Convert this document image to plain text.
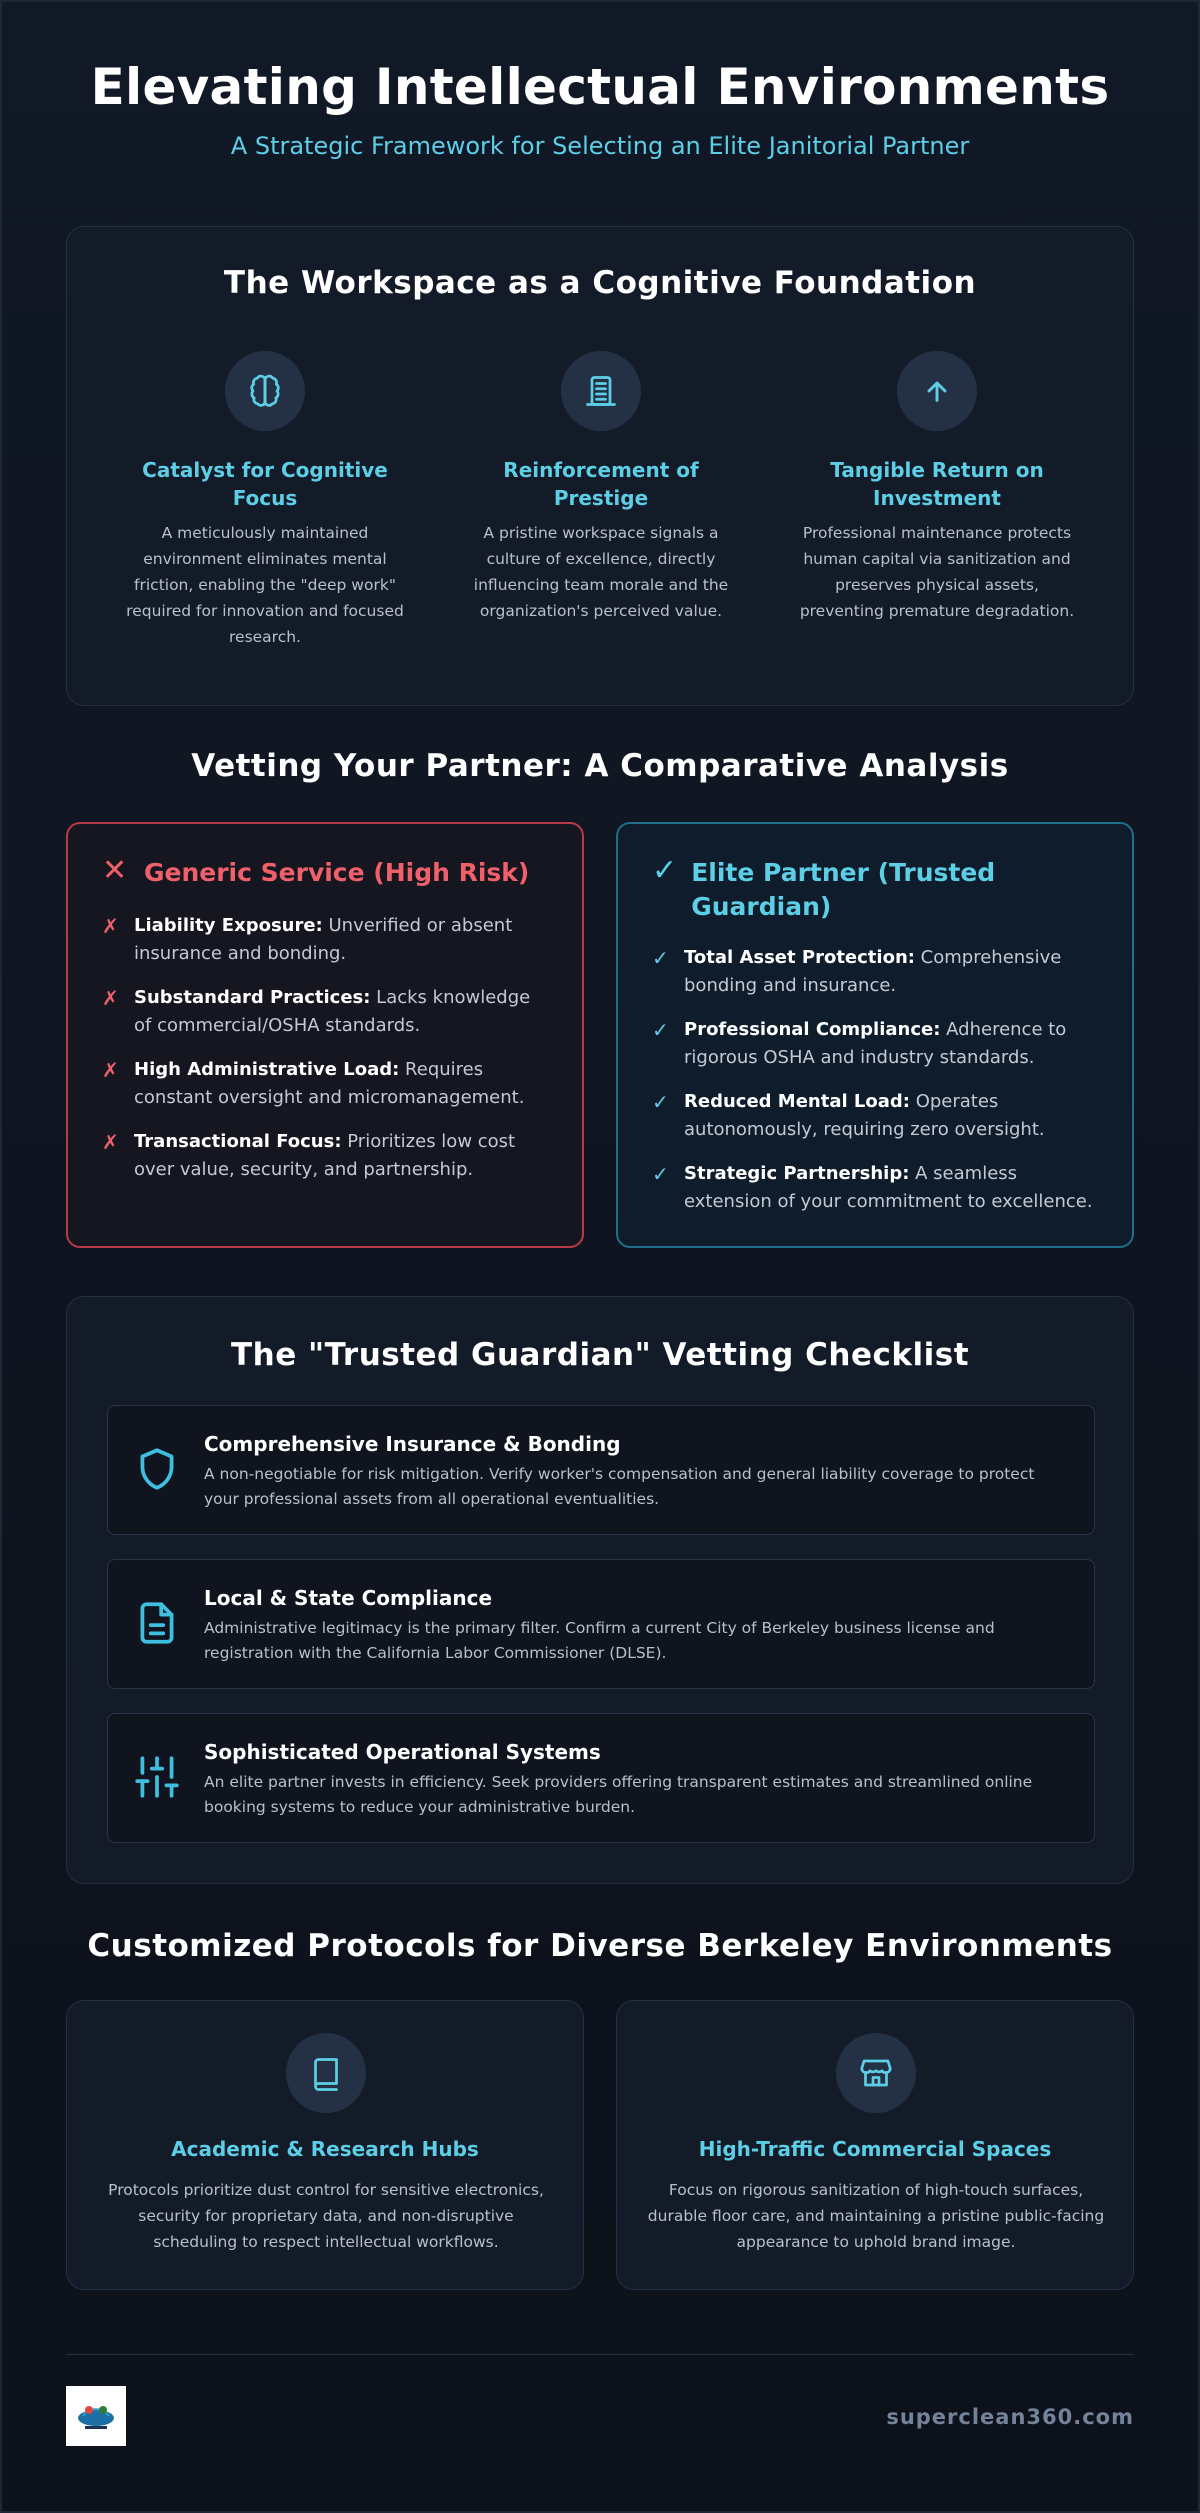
Elevating Intellectual Environments
A Strategic Framework for Selecting an Elite Janitorial Partner
The Workspace as a Cognitive Foundation
Catalyst for Cognitive Focus
A meticulously maintained environment eliminates mental friction, enabling the "deep work" required for innovation and focused research.
Reinforcement of Prestige
A pristine workspace signals a culture of excellence, directly influencing team morale and the organization's perceived value.
Tangible Return on Investment
Professional maintenance protects human capital via sanitization and preserves physical assets, preventing premature degradation.
Vetting Your Partner: A Comparative Analysis
✕ Generic Service (High Risk)
✗ Liability Exposure: Unverified or absent insurance and bonding.
✗ Substandard Practices: Lacks knowledge of commercial/OSHA standards.
✗ High Administrative Load: Requires constant oversight and micromanagement.
✗ Transactional Focus: Prioritizes low cost over value, security, and partnership.
✓ Elite Partner (Trusted Guardian)
✓ Total Asset Protection: Comprehensive bonding and insurance.
✓ Professional Compliance: Adherence to rigorous OSHA and industry standards.
✓ Reduced Mental Load: Operates autonomously, requiring zero oversight.
✓ Strategic Partnership: A seamless extension of your commitment to excellence.
The "Trusted Guardian" Vetting Checklist
Comprehensive Insurance & Bonding
A non-negotiable for risk mitigation. Verify worker's compensation and general liability coverage to protect your professional assets from all operational eventualities.
Local & State Compliance
Administrative legitimacy is the primary filter. Confirm a current City of Berkeley business license and registration with the California Labor Commissioner (DLSE).
Sophisticated Operational Systems
An elite partner invests in efficiency. Seek providers offering transparent estimates and streamlined online booking systems to reduce your administrative burden.
Customized Protocols for Diverse Berkeley Environments
Academic & Research Hubs
Protocols prioritize dust control for sensitive electronics, security for proprietary data, and non-disruptive scheduling to respect intellectual workflows.
High-Traffic Commercial Spaces
Focus on rigorous sanitization of high-touch surfaces, durable floor care, and maintaining a pristine public-facing appearance to uphold brand image.
superclean360.com
